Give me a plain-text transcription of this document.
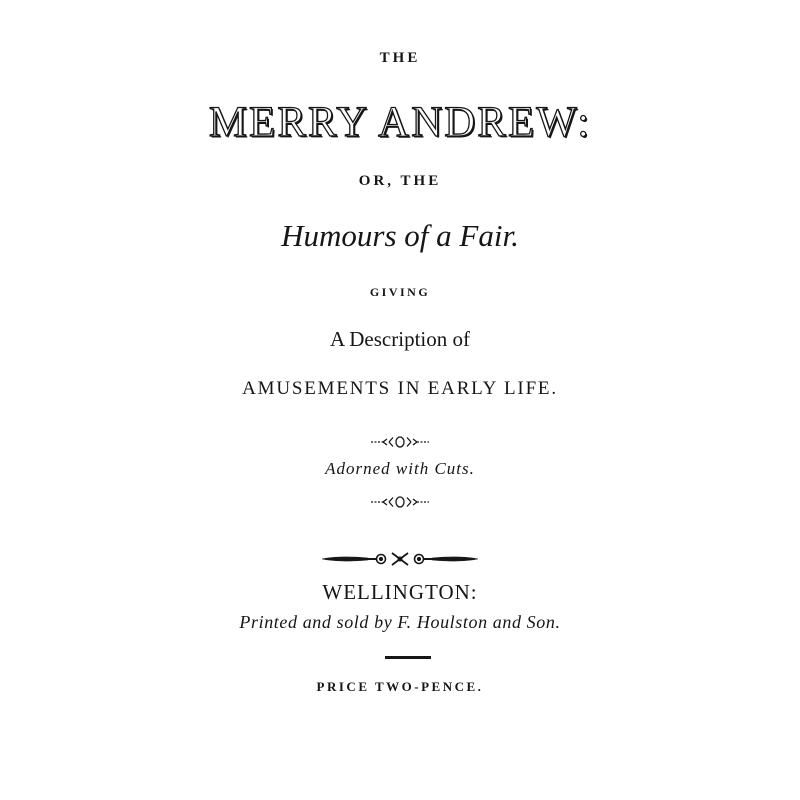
THE
MERRY ANDREW:
OR, THE
Humours of a Fair.
GIVING
A Description of
AMUSEMENTS IN EARLY LIFE.
Adorned with Cuts.
WELLINGTON:
Printed and sold by F. Houlston and Son.
PRICE TWO-PENCE.
